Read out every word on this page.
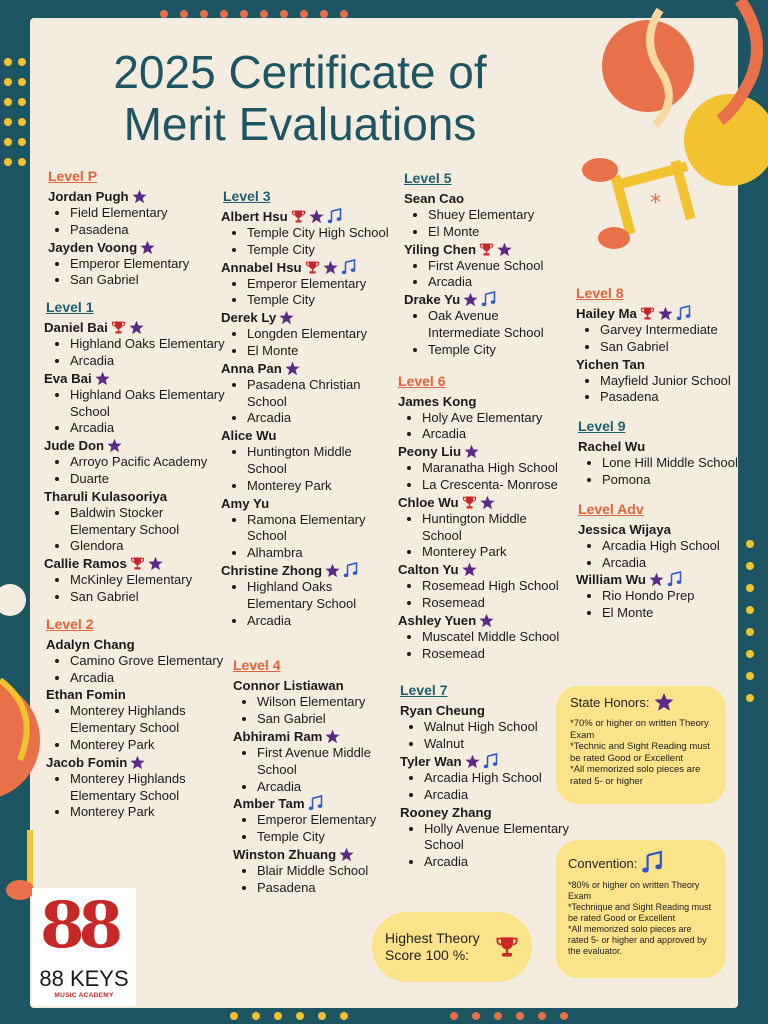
*
2025 Certificate of Merit Evaluations
Level P
Jordan Pugh
• Field Elementary
• Pasadena
Jayden Voong
• Emperor Elementary
• San Gabriel
Level 1
Daniel Bai
• Highland Oaks Elementary
• Arcadia
Eva Bai
• Highland Oaks Elementary School
• Arcadia
Jude Don
• Arroyo Pacific Academy
• Duarte
Tharuli Kulasooriya
• Baldwin Stocker Elementary School
• Glendora
Callie Ramos
• McKinley Elementary
• San Gabriel
Level 2
Adalyn Chang
• Camino Grove Elementary
• Arcadia
Ethan Fomin
• Monterey Highlands Elementary School
• Monterey Park
Jacob Fomin
• Monterey Highlands Elementary School
• Monterey Park
Level 3
Albert Hsu
• Temple City High School
• Temple City
Annabel Hsu
• Emperor Elementary
• Temple City
Derek Ly
• Longden Elementary
• El Monte
Anna Pan
• Pasadena Christian School
• Arcadia
Alice Wu
• Huntington Middle School
• Monterey Park
Amy Yu
• Ramona Elementary School
• Alhambra
Christine Zhong
• Highland Oaks Elementary School
• Arcadia
Level 4
Connor Listiawan
• Wilson Elementary
• San Gabriel
Abhirami Ram
• First Avenue Middle School
• Arcadia
Amber Tam
• Emperor Elementary
• Temple City
Winston Zhuang
• Blair Middle School
• Pasadena
Level 5
Sean Cao
• Shuey Elementary
• El Monte
Yiling Chen
• First Avenue School
• Arcadia
Drake Yu
• Oak Avenue Intermediate School
• Temple City
Level 6
James Kong
• Holy Ave Elementary
• Arcadia
Peony Liu
• Maranatha High School
• La Crescenta- Monrose
Chloe Wu
• Huntington Middle School
• Monterey Park
Calton Yu
• Rosemead High School
• Rosemead
Ashley Yuen
• Muscatel Middle School
• Rosemead
Level 7
Ryan Cheung
• Walnut High School
• Walnut
Tyler Wan
• Arcadia High School
• Arcadia
Rooney Zhang
• Holly Avenue Elementary School
• Arcadia
Level 8
Hailey Ma
• Garvey Intermediate
• San Gabriel
Yichen Tan
• Mayfield Junior School
• Pasadena
Level 9
Rachel Wu
• Lone Hill Middle School
• Pomona
Level Adv
Jessica Wijaya
• Arcadia High School
• Arcadia
William Wu
• Rio Hondo Prep
• El Monte
State Honors:
*70% or higher on written Theory Exam
*Technic and Sight Reading must be rated Good or Excellent
*All memorized solo pieces are rated 5- or higher
Convention:
*80% or higher on written Theory Exam
*Technique and Sight Reading must be rated Good or Excellent
*All memorized solo pieces are rated 5- or higher and approved by the evaluator.
Highest Theory Score 100 %:
88
88 KEYS
MUSIC ACADEMY
